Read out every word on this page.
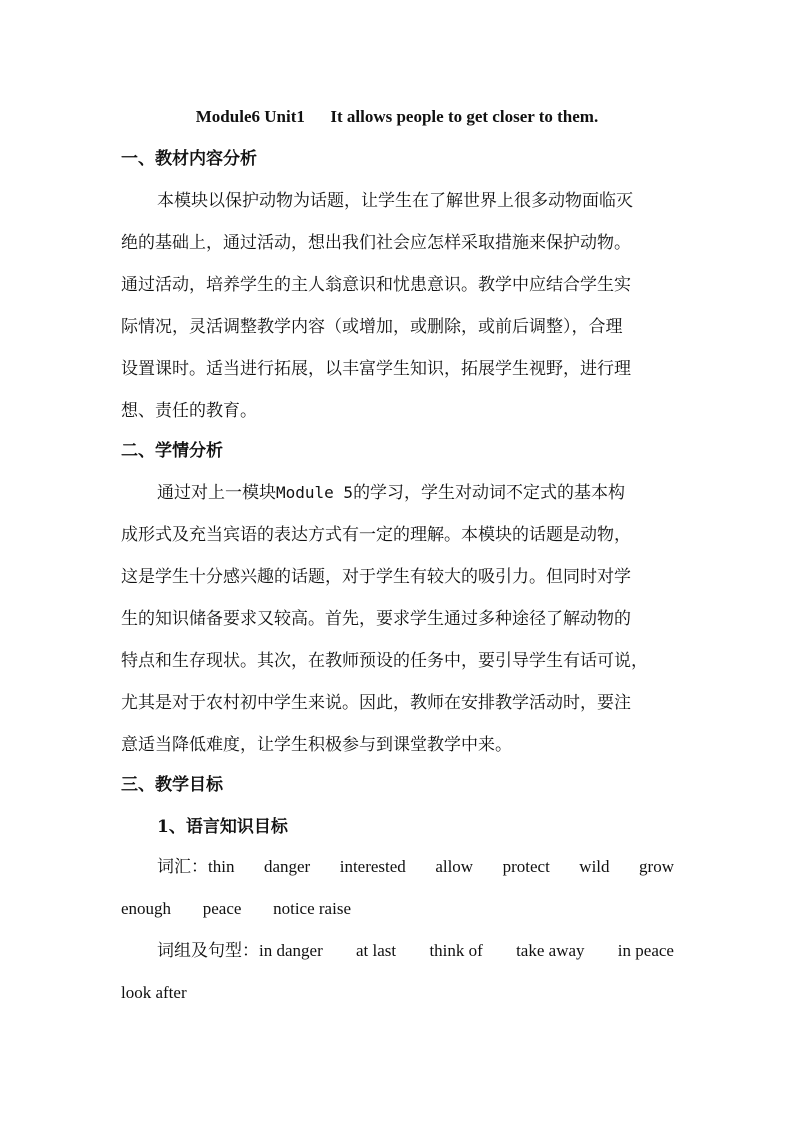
Module6 Unit1      It allows people to get closer to them.
一、教材内容分析
本模块以保护动物为话题，让学生在了解世界上很多动物面临灭
绝的基础上，通过活动，想出我们社会应怎样采取措施来保护动物。
通过活动，培养学生的主人翁意识和忧患意识。教学中应结合学生实
际情况，灵活调整教学内容（或增加，或删除，或前后调整），合理
设置课时。适当进行拓展，以丰富学生知识，拓展学生视野，进行理
想、责任的教育。
二、学情分析
通过对上一模块Module 5的学习，学生对动词不定式的基本构
成形式及充当宾语的表达方式有一定的理解。本模块的话题是动物，
这是学生十分感兴趣的话题，对于学生有较大的吸引力。但同时对学
生的知识储备要求又较高。首先，要求学生通过多种途径了解动物的
特点和生存现状。其次，在教师预设的任务中，要引导学生有话可说，
尤其是对于农村初中学生来说。因此，教师在安排教学活动时，要注
意适当降低难度，让学生积极参与到课堂教学中来。
三、教学目标
1、语言知识目标
词汇：thin danger interested allow protect wild grow
enough peace notice raise
词组及句型：in danger at last think of take away in peace
look after
